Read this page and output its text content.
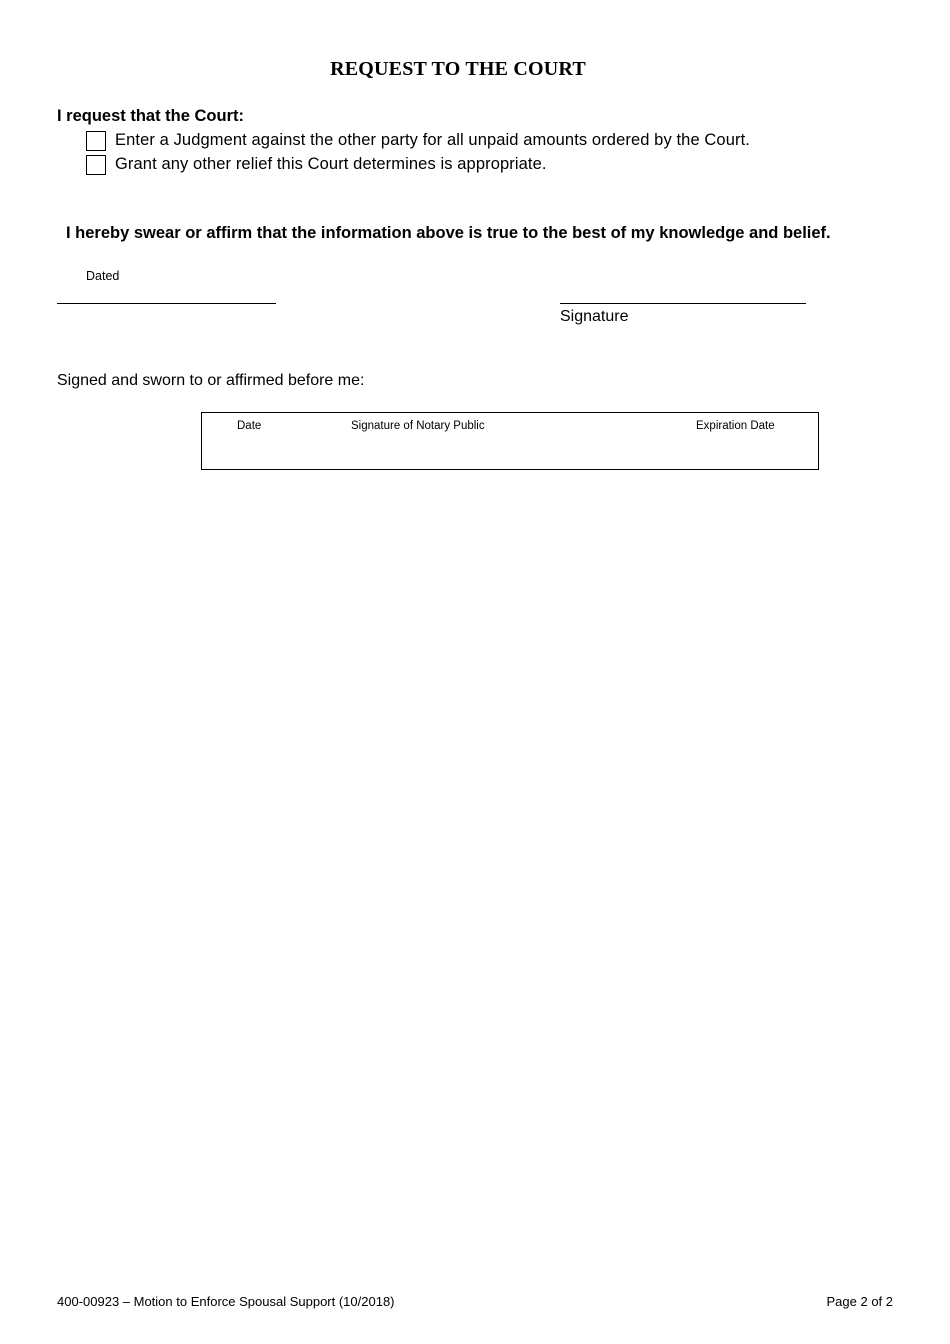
REQUEST TO THE COURT
I request that the Court:
Enter a Judgment against the other party for all unpaid amounts ordered by the Court.
Grant any other relief this Court determines is appropriate.
I hereby swear or affirm that the information above is true to the best of my knowledge and belief.
Dated
Signature
Signed and sworn to or affirmed before me:
Date	Signature of Notary Public	Expiration Date
400-00923 – Motion to Enforce Spousal Support (10/2018)	Page 2 of 2
